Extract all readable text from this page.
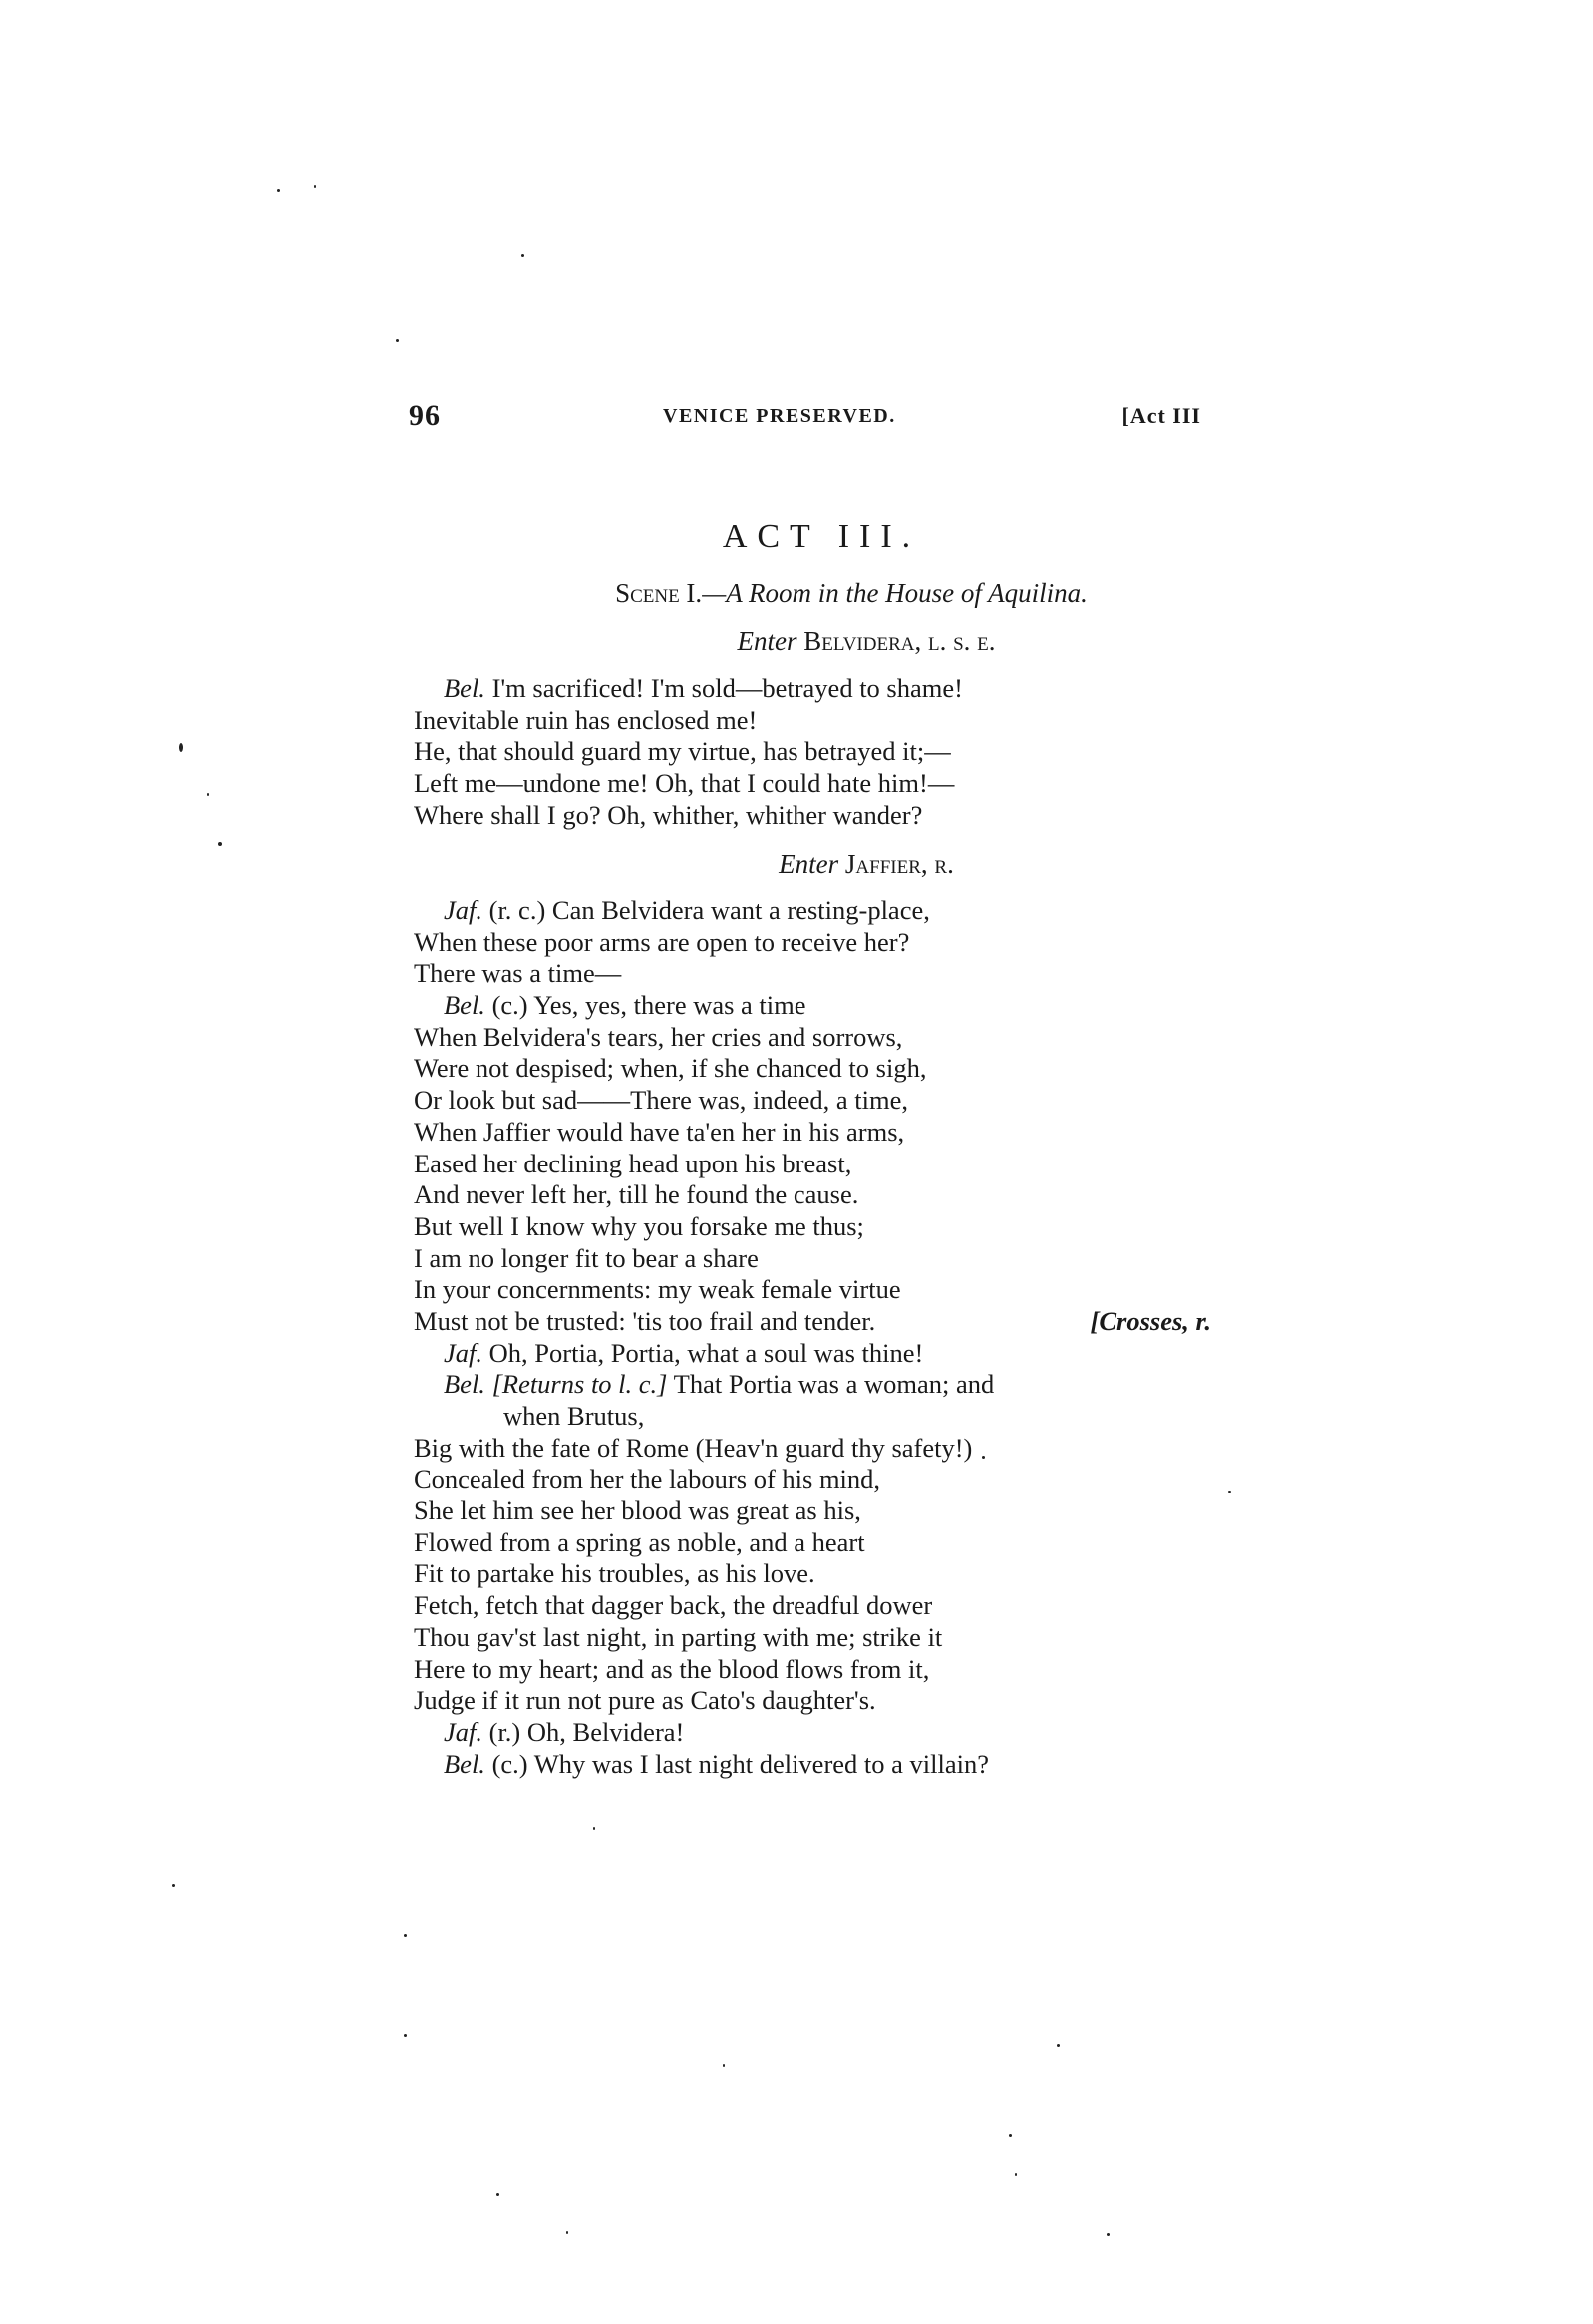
96	VENICE PRESERVED.	[Act III
ACT III.
Scene I.—A Room in the House of Aquilina.
Enter Belvidera, l. s. e.
Bel. I'm sacrificed! I'm sold—betrayed to shame!
Inevitable ruin has enclosed me!
He, that should guard my virtue, has betrayed it;—
Left me—undone me! Oh, that I could hate him!—
Where shall I go? Oh, whither, whither wander?
Enter Jaffier, r.
Jaf. (r. c.) Can Belvidera want a resting-place,
When these poor arms are open to receive her?
There was a time—
Bel. (c.) Yes, yes, there was a time
When Belvidera's tears, her cries and sorrows,
Were not despised; when, if she chanced to sigh,
Or look but sad——There was, indeed, a time,
When Jaffier would have ta'en her in his arms,
Eased her declining head upon his breast,
And never left her, till he found the cause.
But well I know why you forsake me thus;
I am no longer fit to bear a share
In your concernments: my weak female virtue
Must not be trusted: 'tis too frail and tender.	[Crosses, r.
Jaf. Oh, Portia, Portia, what a soul was thine!
Bel. [Returns to l. c.] That Portia was a woman; and
when Brutus,
Big with the fate of Rome (Heav'n guard thy safety!)
Concealed from her the labours of his mind,
She let him see her blood was great as his,
Flowed from a spring as noble, and a heart
Fit to partake his troubles, as his love.
Fetch, fetch that dagger back, the dreadful dower
Thou gav'st last night, in parting with me; strike it
Here to my heart; and as the blood flows from it,
Judge if it run not pure as Cato's daughter's.
Jaf. (r.) Oh, Belvidera!
Bel. (c.) Why was I last night delivered to a villain?
